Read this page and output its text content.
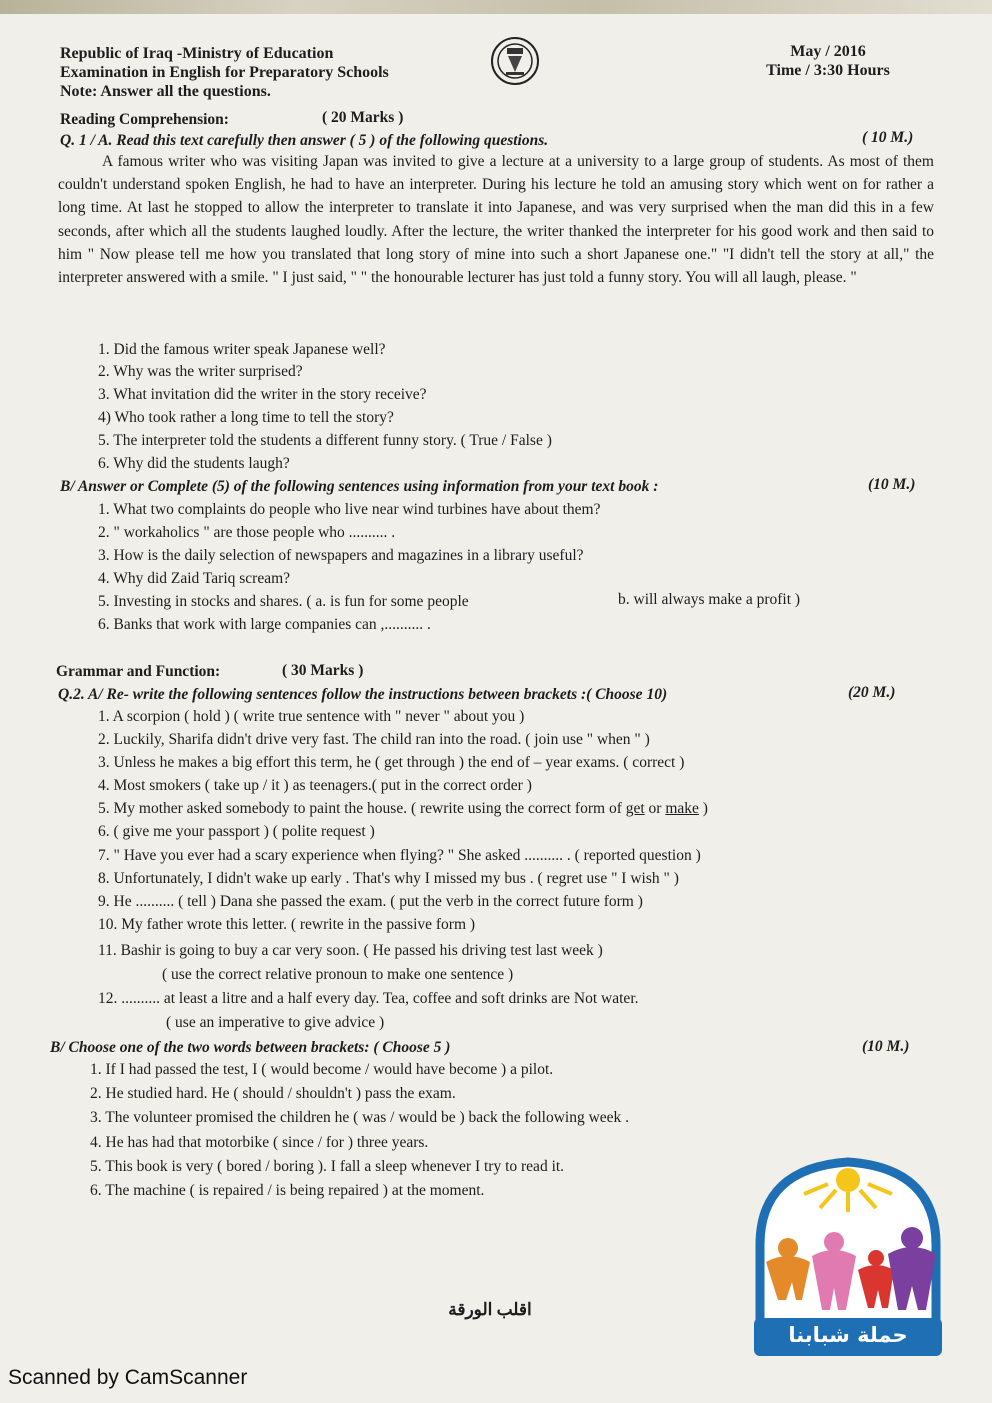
Republic of Iraq -Ministry of Education
Examination in English for Preparatory Schools
Note: Answer all the questions.
May / 2016
Time / 3:30 Hours
Reading Comprehension:	( 20 Marks )
Q. 1 / A. Read this text carefully then answer ( 5 ) of the following questions.	( 10 M.)
A famous writer who was visiting Japan was invited to give a lecture at a university to a large group of students. As most of them couldn't understand spoken English, he had to have an interpreter. During his lecture he told an amusing story which went on for rather a long time. At last he stopped to allow the interpreter to translate it into Japanese, and was very surprised when the man did this in a few seconds, after which all the students laughed loudly. After the lecture, the writer thanked the interpreter for his good work and then said to him " Now please tell me how you translated that long story of mine into such a short Japanese one." "I didn't tell the story at all," the interpreter answered with a smile. " I just said, " " the honourable lecturer has just told a funny story. You will all laugh, please. "
1. Did the famous writer speak Japanese well?
2. Why was the writer surprised?
3. What invitation did the writer in the story receive?
4) Who took rather a long time to tell the story?
5. The interpreter told the students a different funny story. ( True / False )
6. Why did the students laugh?
B/ Answer or Complete (5) of the following sentences using information from your text book :	(10 M.)
1. What two complaints do people who live near wind turbines have about them?
2. " workaholics " are those people who .......... .
3. How is the daily selection of newspapers and magazines in a library useful?
4. Why did Zaid Tariq scream?
5. Investing in stocks and shares. ( a. is fun for some people	b. will always make a profit )
6. Banks that work with large companies can ,.......... .
Grammar and Function:	( 30 Marks )
Q.2. A/ Re- write the following sentences follow the instructions between brackets :( Choose 10)	(20 M.)
1. A scorpion ( hold ) ( write true sentence with " never " about you )
2. Luckily, Sharifa didn't drive very fast. The child ran into the road. ( join use " when " )
3. Unless he makes a big effort this term, he ( get through ) the end of – year exams. ( correct )
4. Most smokers ( take up / it ) as teenagers.( put in the correct order )
5. My mother asked somebody to paint the house. ( rewrite using the correct form of get or make )
6. ( give me your passport ) ( polite request )
7. " Have you ever had a scary experience when flying? " She asked .......... . ( reported question )
8. Unfortunately, I didn't wake up early . That's why I missed my bus . ( regret use " I wish " )
9. He .......... ( tell ) Dana she passed the exam. ( put the verb in the correct future form )
10. My father wrote this letter. ( rewrite in the passive form )
11. Bashir is going to buy a car very soon. ( He passed his driving test last week )
( use the correct relative pronoun to make one sentence )
12. .......... at least a litre and a half every day. Tea, coffee and soft drinks are Not water.
( use an imperative to give advice )
B/ Choose one of the two words between brackets: ( Choose 5 )	(10 M.)
1. If I had passed the test, I ( would become / would have become ) a pilot.
2. He studied hard. He ( should / shouldn't ) pass the exam.
3. The volunteer promised the children he ( was / would be ) back the following week .
4. He has had that motorbike ( since / for ) three years.
5. This book is very ( bored / boring ). I fall a sleep whenever I try to read it.
6. The machine ( is repaired / is being repaired ) at the moment.
اقلب الورقة
حملة شبابنا
Scanned by CamScanner
